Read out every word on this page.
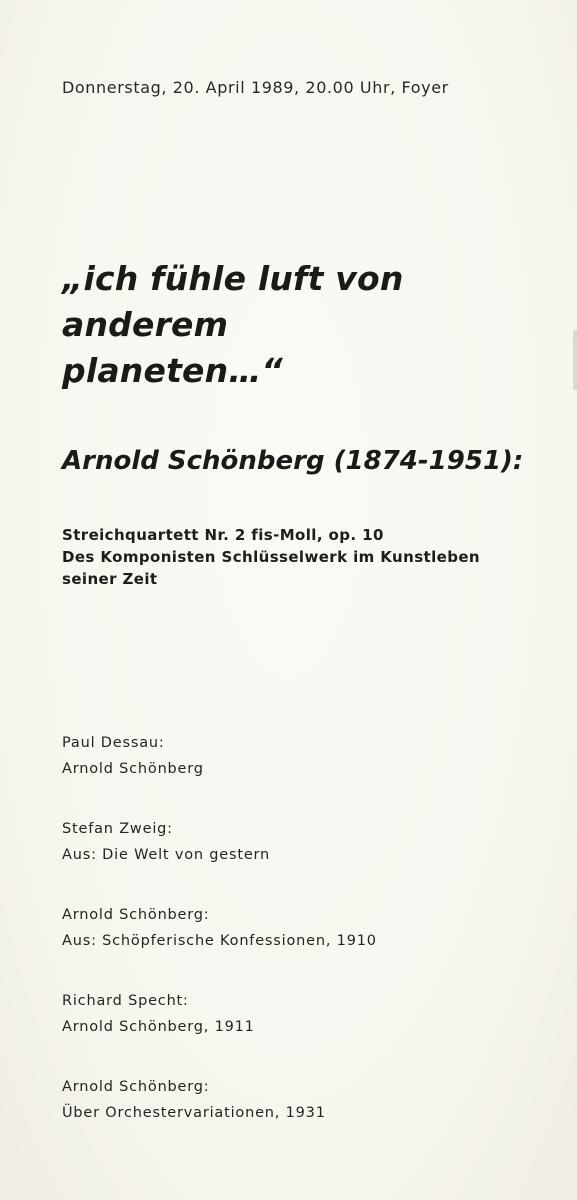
Donnerstag, 20. April 1989, 20.00 Uhr, Foyer
„ich fühle luft von anderem
planeten…“
Arnold Schönberg (1874-1951):

Streichquartett Nr. 2 fis-Moll, op. 10

Des Komponisten Schlüsselwerk im Kunstleben seiner Zeit

Paul Dessau:
Arnold Schönberg
Stefan Zweig:
Aus: Die Welt von gestern
Arnold Schönberg:
Aus: Schöpferische Konfessionen, 1910
Richard Specht:
Arnold Schönberg, 1911
Arnold Schönberg:
Über Orchestervariationen, 1931
